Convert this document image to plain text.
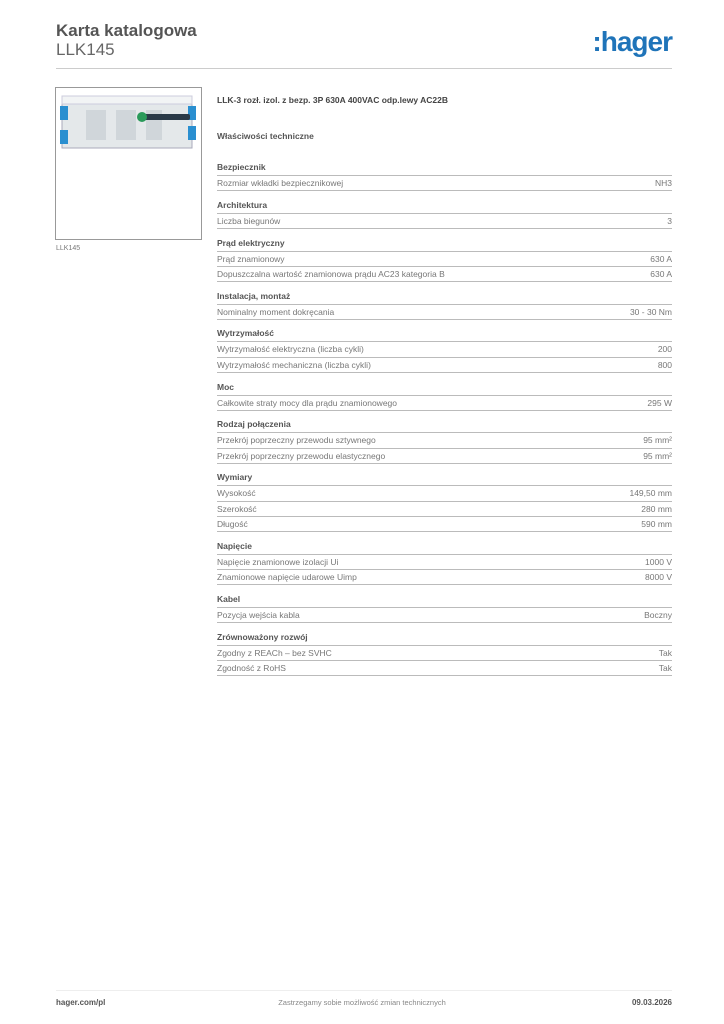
Karta katalogowa
LLK145	:hager
LLK145
LLK-3 rozł. izol. z bezp. 3P 630A 400VAC odp.lewy AC22B
Właściwości techniczne
Bezpiecznik
Rozmiar wkładki bezpiecznikowej	NH3
Architektura
Liczba biegunów	3
Prąd elektryczny
Prąd znamionowy	630 A
Dopuszczalna wartość znamionowa prądu AC23 kategoria B	630 A
Instalacja, montaż
Nominalny moment dokręcania	30 - 30 Nm
Wytrzymałość
Wytrzymałość elektryczna (liczba cykli)	200
Wytrzymałość mechaniczna (liczba cykli)	800
Moc
Całkowite straty mocy dla prądu znamionowego	295 W
Rodzaj połączenia
Przekrój poprzeczny przewodu sztywnego	95 mm²
Przekrój poprzeczny przewodu elastycznego	95 mm²
Wymiary
Wysokość	149,50 mm
Szerokość	280 mm
Długość	590 mm
Napięcie
Napięcie znamionowe izolacji Ui	1000 V
Znamionowe napięcie udarowe Uimp	8000 V
Kabel
Pozycja wejścia kabla	Boczny
Zrównoważony rozwój
Zgodny z REACh – bez SVHC	Tak
Zgodność z RoHS	Tak
hager.com/pl	Zastrzegamy sobie możliwość zmian technicznych	09.03.2026
